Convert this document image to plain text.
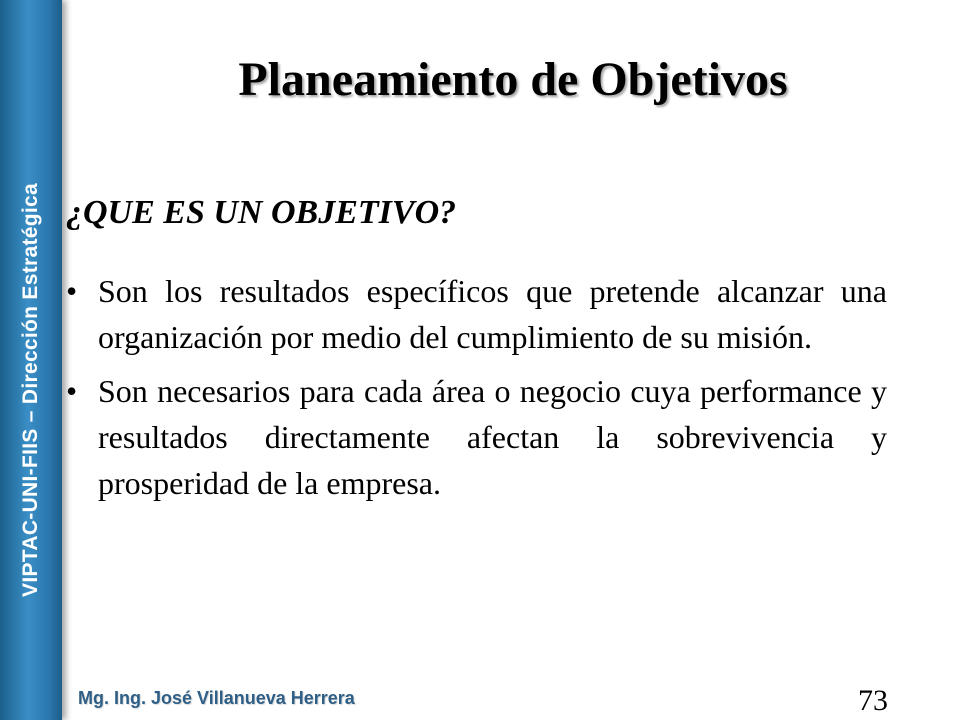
VIPTAC-UNI-FIIS – Dirección Estratégica
Planeamiento de Objetivos

¿QUE ES UN OBJETIVO?

• Son los resultados específicos que pretende alcanzar una organización por medio del cumplimiento de su misión.
• Son necesarios para cada área o negocio cuya performance y resultados directamente afectan la sobrevivencia y prosperidad de la empresa.
Mg. Ing. José Villanueva Herrera	73
